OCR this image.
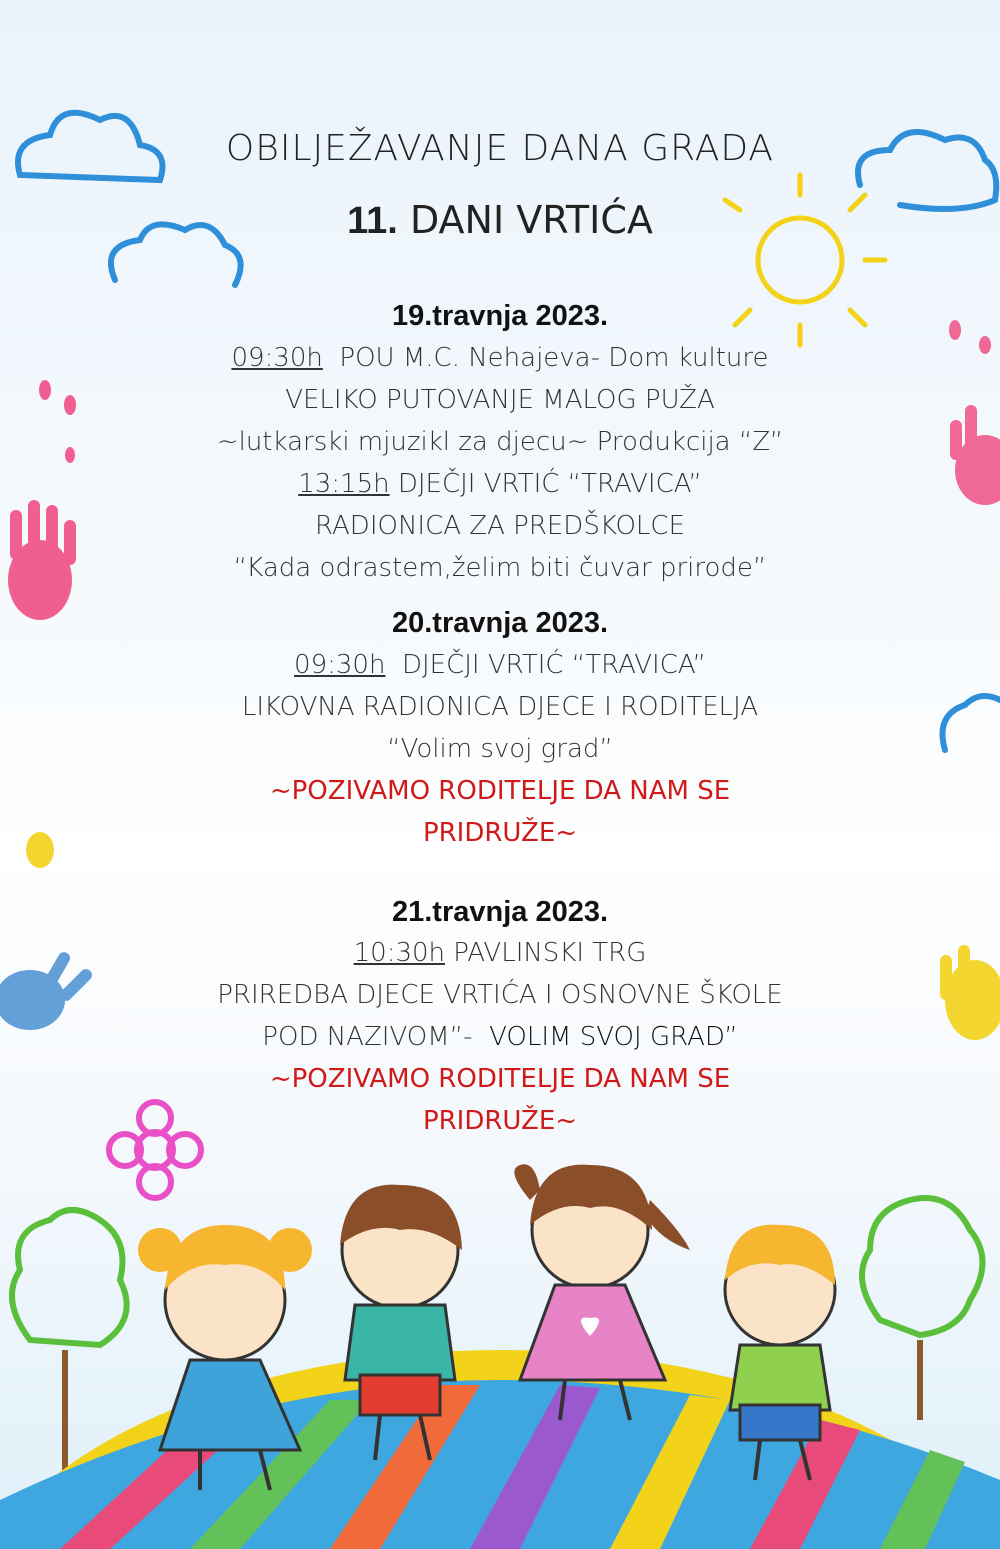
OBILJEŽAVANJE DANA GRADA
11. DANI VRTIĆA
19.travnja 2023.
09:30h POU M.C. Nehajeva- Dom kulture
VELIKO PUTOVANJE MALOG PUŽA
~lutkarski mjuzikl za djecu~ Produkcija “Z”
13:15h DJEČJI VRTIĆ “TRAVICA”
RADIONICA ZA PREDŠKOLCE
“Kada odrastem,želim biti čuvar prirode”
20.travnja 2023.
09:30h DJEČJI VRTIĆ “TRAVICA”
LIKOVNA RADIONICA DJECE I RODITELJA
“Volim svoj grad”
~POZIVAMO RODITELJE DA NAM SE
PRIDRUŽE~
21.travnja 2023.
10:30h PAVLINSKI TRG
PRIREDBA DJECE VRTIĆA I OSNOVNE ŠKOLE
POD NAZIVOM”- VOLIM SVOJ GRAD”
~POZIVAMO RODITELJE DA NAM SE
PRIDRUŽE~
